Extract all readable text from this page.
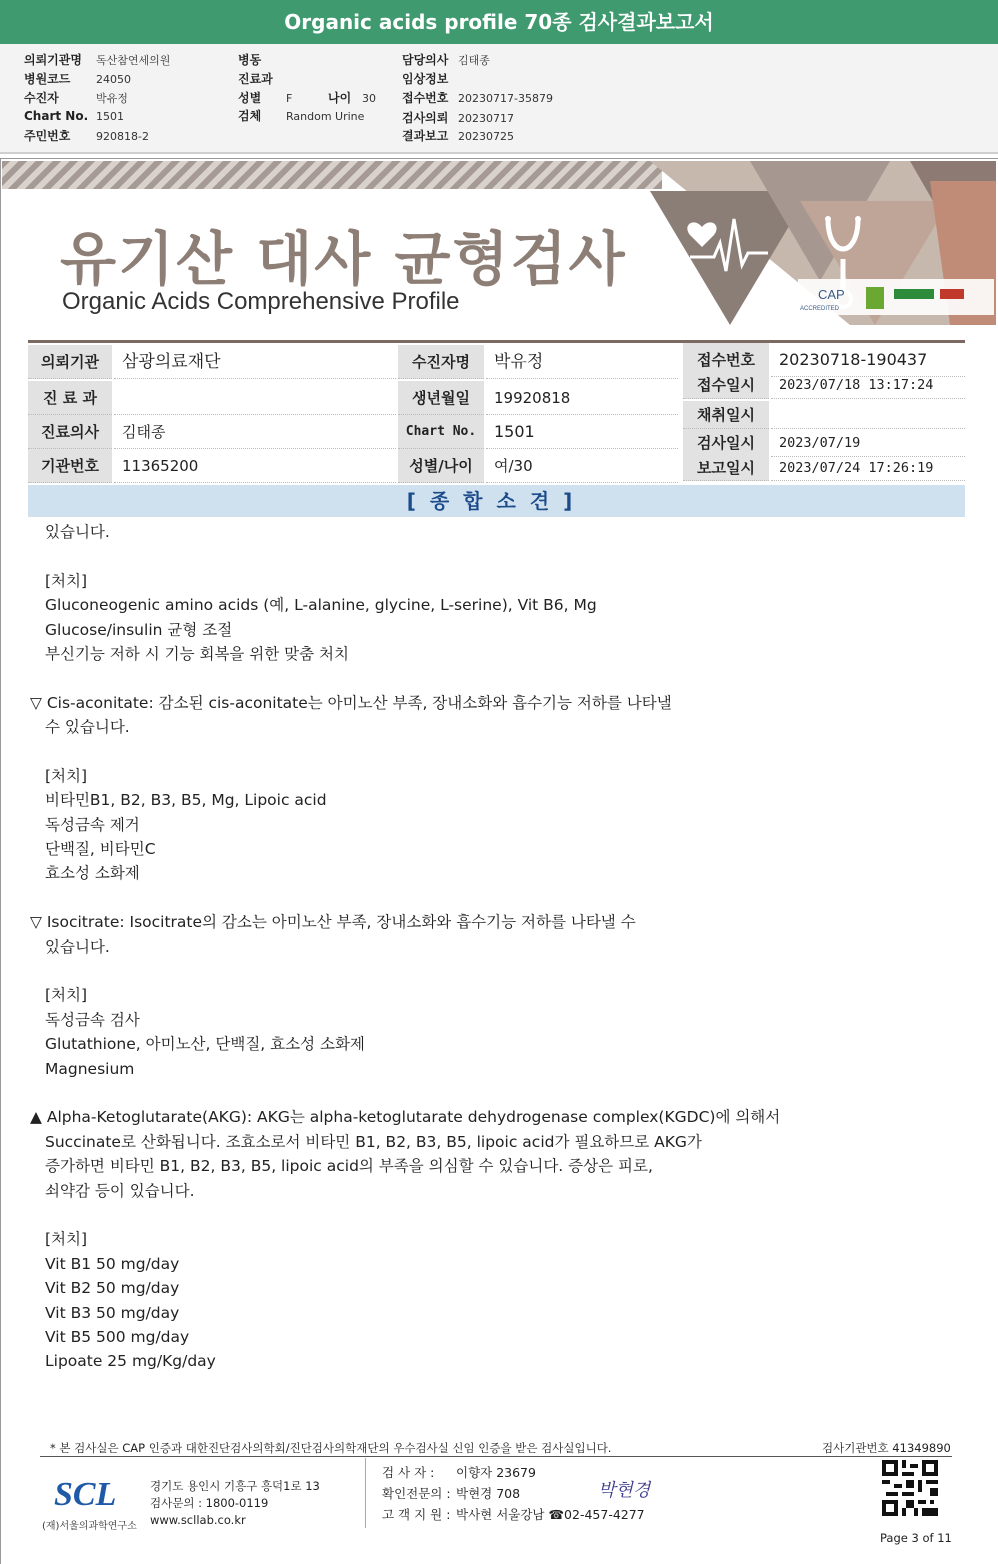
Organic acids profile 70종 검사결과보고서
의뢰기관명 독산참연세의원
병원코드 24050
수진자	박유정
Chart No. 1501
주민번호 920818-2
병동
진료과
성별 F	나이 30
검체 Random Urine
담당의사 김태종
임상정보
접수번호 20230717-35879
검사의뢰 20230717
결과보고 20230725
유기산 대사 균형검사
Organic Acids Comprehensive Profile	CAP
ACCREDITED
의뢰기관	삼광의료재단
진 료 과
진료의사	김태종
기관번호	11365200
수진자명	박유정
생년월일	19920818
Chart No.	1501
성별/나이	여/30
접수번호	20230718-190437
접수일시	2023/07/18 13:17:24
채취일시
검사일시	2023/07/19
보고일시	2023/07/24 17:26:19
[종합소견]
있습니다.
[처치]
Gluconeogenic amino acids (예, L-alanine, glycine, L-serine), Vit B6, Mg
Glucose/insulin 균형 조절
부신기능 저하 시 기능 회복을 위한 맞춤 처치
▽ Cis-aconitate: 감소된 cis-aconitate는 아미노산 부족, 장내소화와 흡수기능 저하를 나타낼
수 있습니다.
[처치]
비타민B1, B2, B3, B5, Mg, Lipoic acid
독성금속 제거
단백질, 비타민C
효소성 소화제
▽ Isocitrate: Isocitrate의 감소는 아미노산 부족, 장내소화와 흡수기능 저하를 나타낼 수
있습니다.
[처치]
독성금속 검사
Glutathione, 아미노산, 단백질, 효소성 소화제
Magnesium
▲ Alpha-Ketoglutarate(AKG): AKG는 alpha-ketoglutarate dehydrogenase complex(KGDC)에 의해서
Succinate로 산화됩니다. 조효소로서 비타민 B1, B2, B3, B5, lipoic acid가 필요하므로 AKG가
증가하면 비타민 B1, B2, B3, B5, lipoic acid의 부족을 의심할 수 있습니다. 증상은 피로,
쇠약감 등이 있습니다.
[처치]
Vit B1 50 mg/day
Vit B2 50 mg/day
Vit B3 50 mg/day
Vit B5 500 mg/day
Lipoate 25 mg/Kg/day
* 본 검사실은 CAP 인증과 대한진단검사의학회/진단검사의학재단의 우수검사실 신임 인증을 받은 검사실입니다.	검사기관번호 41349890
SCL
(재)서울의과학연구소
경기도 용인시 기흥구 흥덕1로 13
검사문의 : 1800-0119
www.scllab.co.kr
검 사 자 : 이향자 23679
확인전문의 : 박현경 708
고 객 지 원 : 박사현 서울강남 ☎02-457-4277
박현경
Page 3 of 11
